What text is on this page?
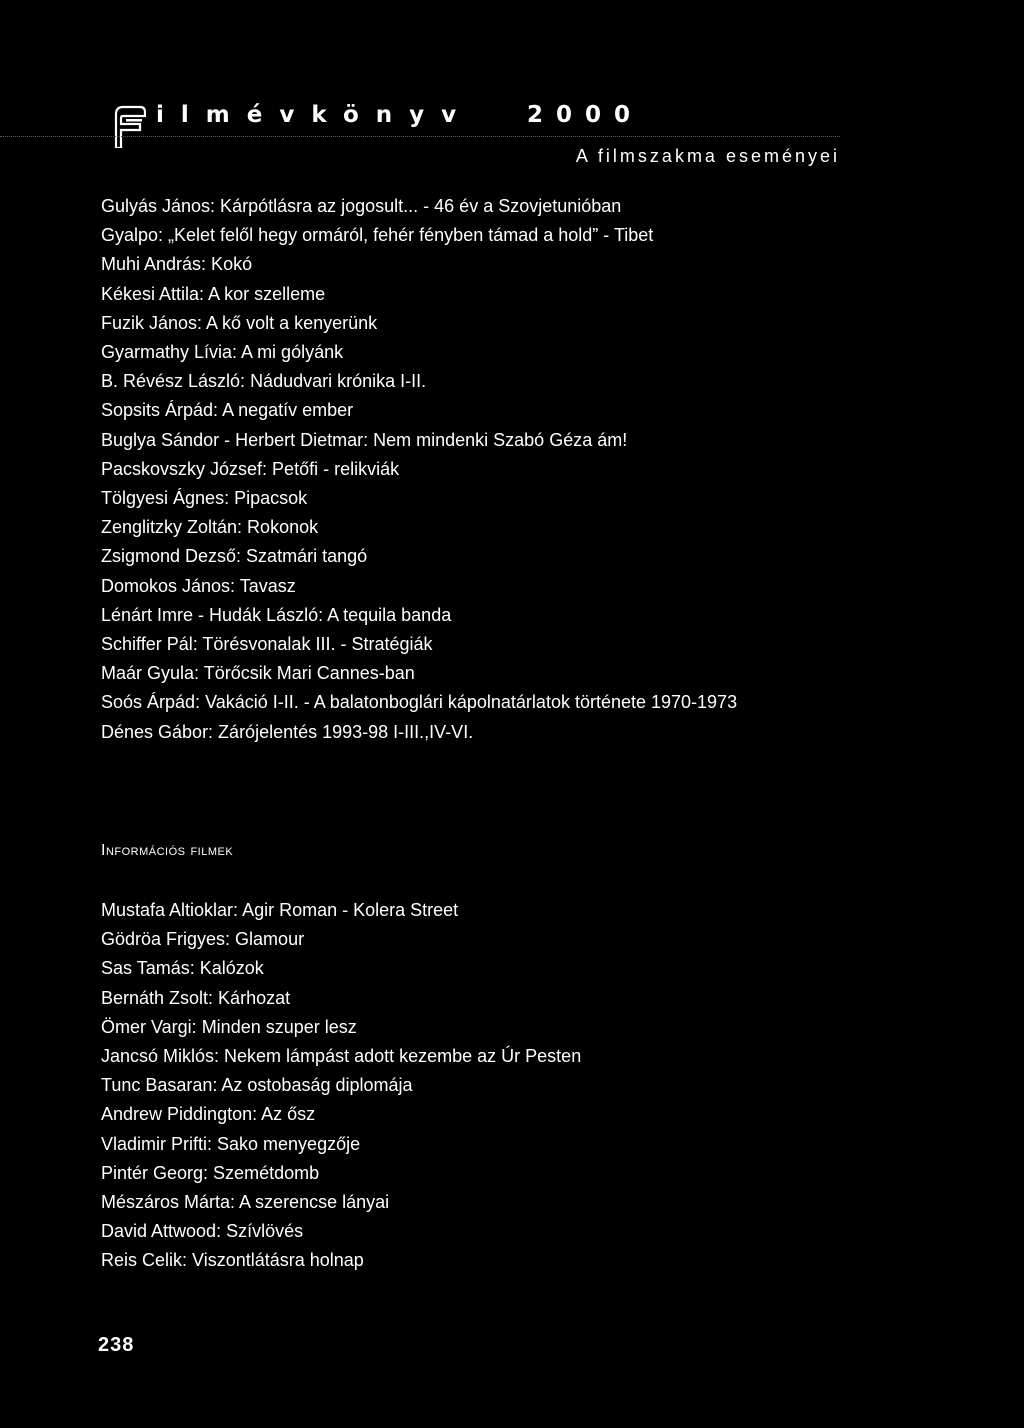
ilmévkönyv 2000
A filmszakma eseményei
Gulyás János: Kárpótlásra az jogosult... - 46 év a Szovjetunióban
Gyalpo: „Kelet felől hegy ormáról, fehér fényben támad a hold” - Tibet
Muhi András: Kokó
Kékesi Attila: A kor szelleme
Fuzik János: A kő volt a kenyerünk
Gyarmathy Lívia: A mi gólyánk
B. Révész László: Nádudvari krónika I-II.
Sopsits Árpád: A negatív ember
Buglya Sándor - Herbert Dietmar: Nem mindenki Szabó Géza ám!
Pacskovszky József: Petőfi - relikviák
Tölgyesi Ágnes: Pipacsok
Zenglitzky Zoltán: Rokonok
Zsigmond Dezső: Szatmári tangó
Domokos János: Tavasz
Lénárt Imre - Hudák László: A tequila banda
Schiffer Pál: Törésvonalak III. - Stratégiák
Maár Gyula: Törőcsik Mari Cannes-ban
Soós Árpád: Vakáció I-II. - A balatonboglári kápolnatárlatok története 1970-1973
Dénes Gábor: Zárójelentés 1993-98 I-III.,IV-VI.
Információs filmek
Mustafa Altioklar: Agir Roman - Kolera Street
Gödröa Frigyes: Glamour
Sas Tamás: Kalózok
Bernáth Zsolt: Kárhozat
Ömer Vargi: Minden szuper lesz
Jancsó Miklós: Nekem lámpást adott kezembe az Úr Pesten
Tunc Basaran: Az ostobaság diplomája
Andrew Piddington: Az ősz
Vladimir Prifti: Sako menyegzője
Pintér Georg: Szemétdomb
Mészáros Márta: A szerencse lányai
David Attwood: Szívlövés
Reis Celik: Viszontlátásra holnap
238
